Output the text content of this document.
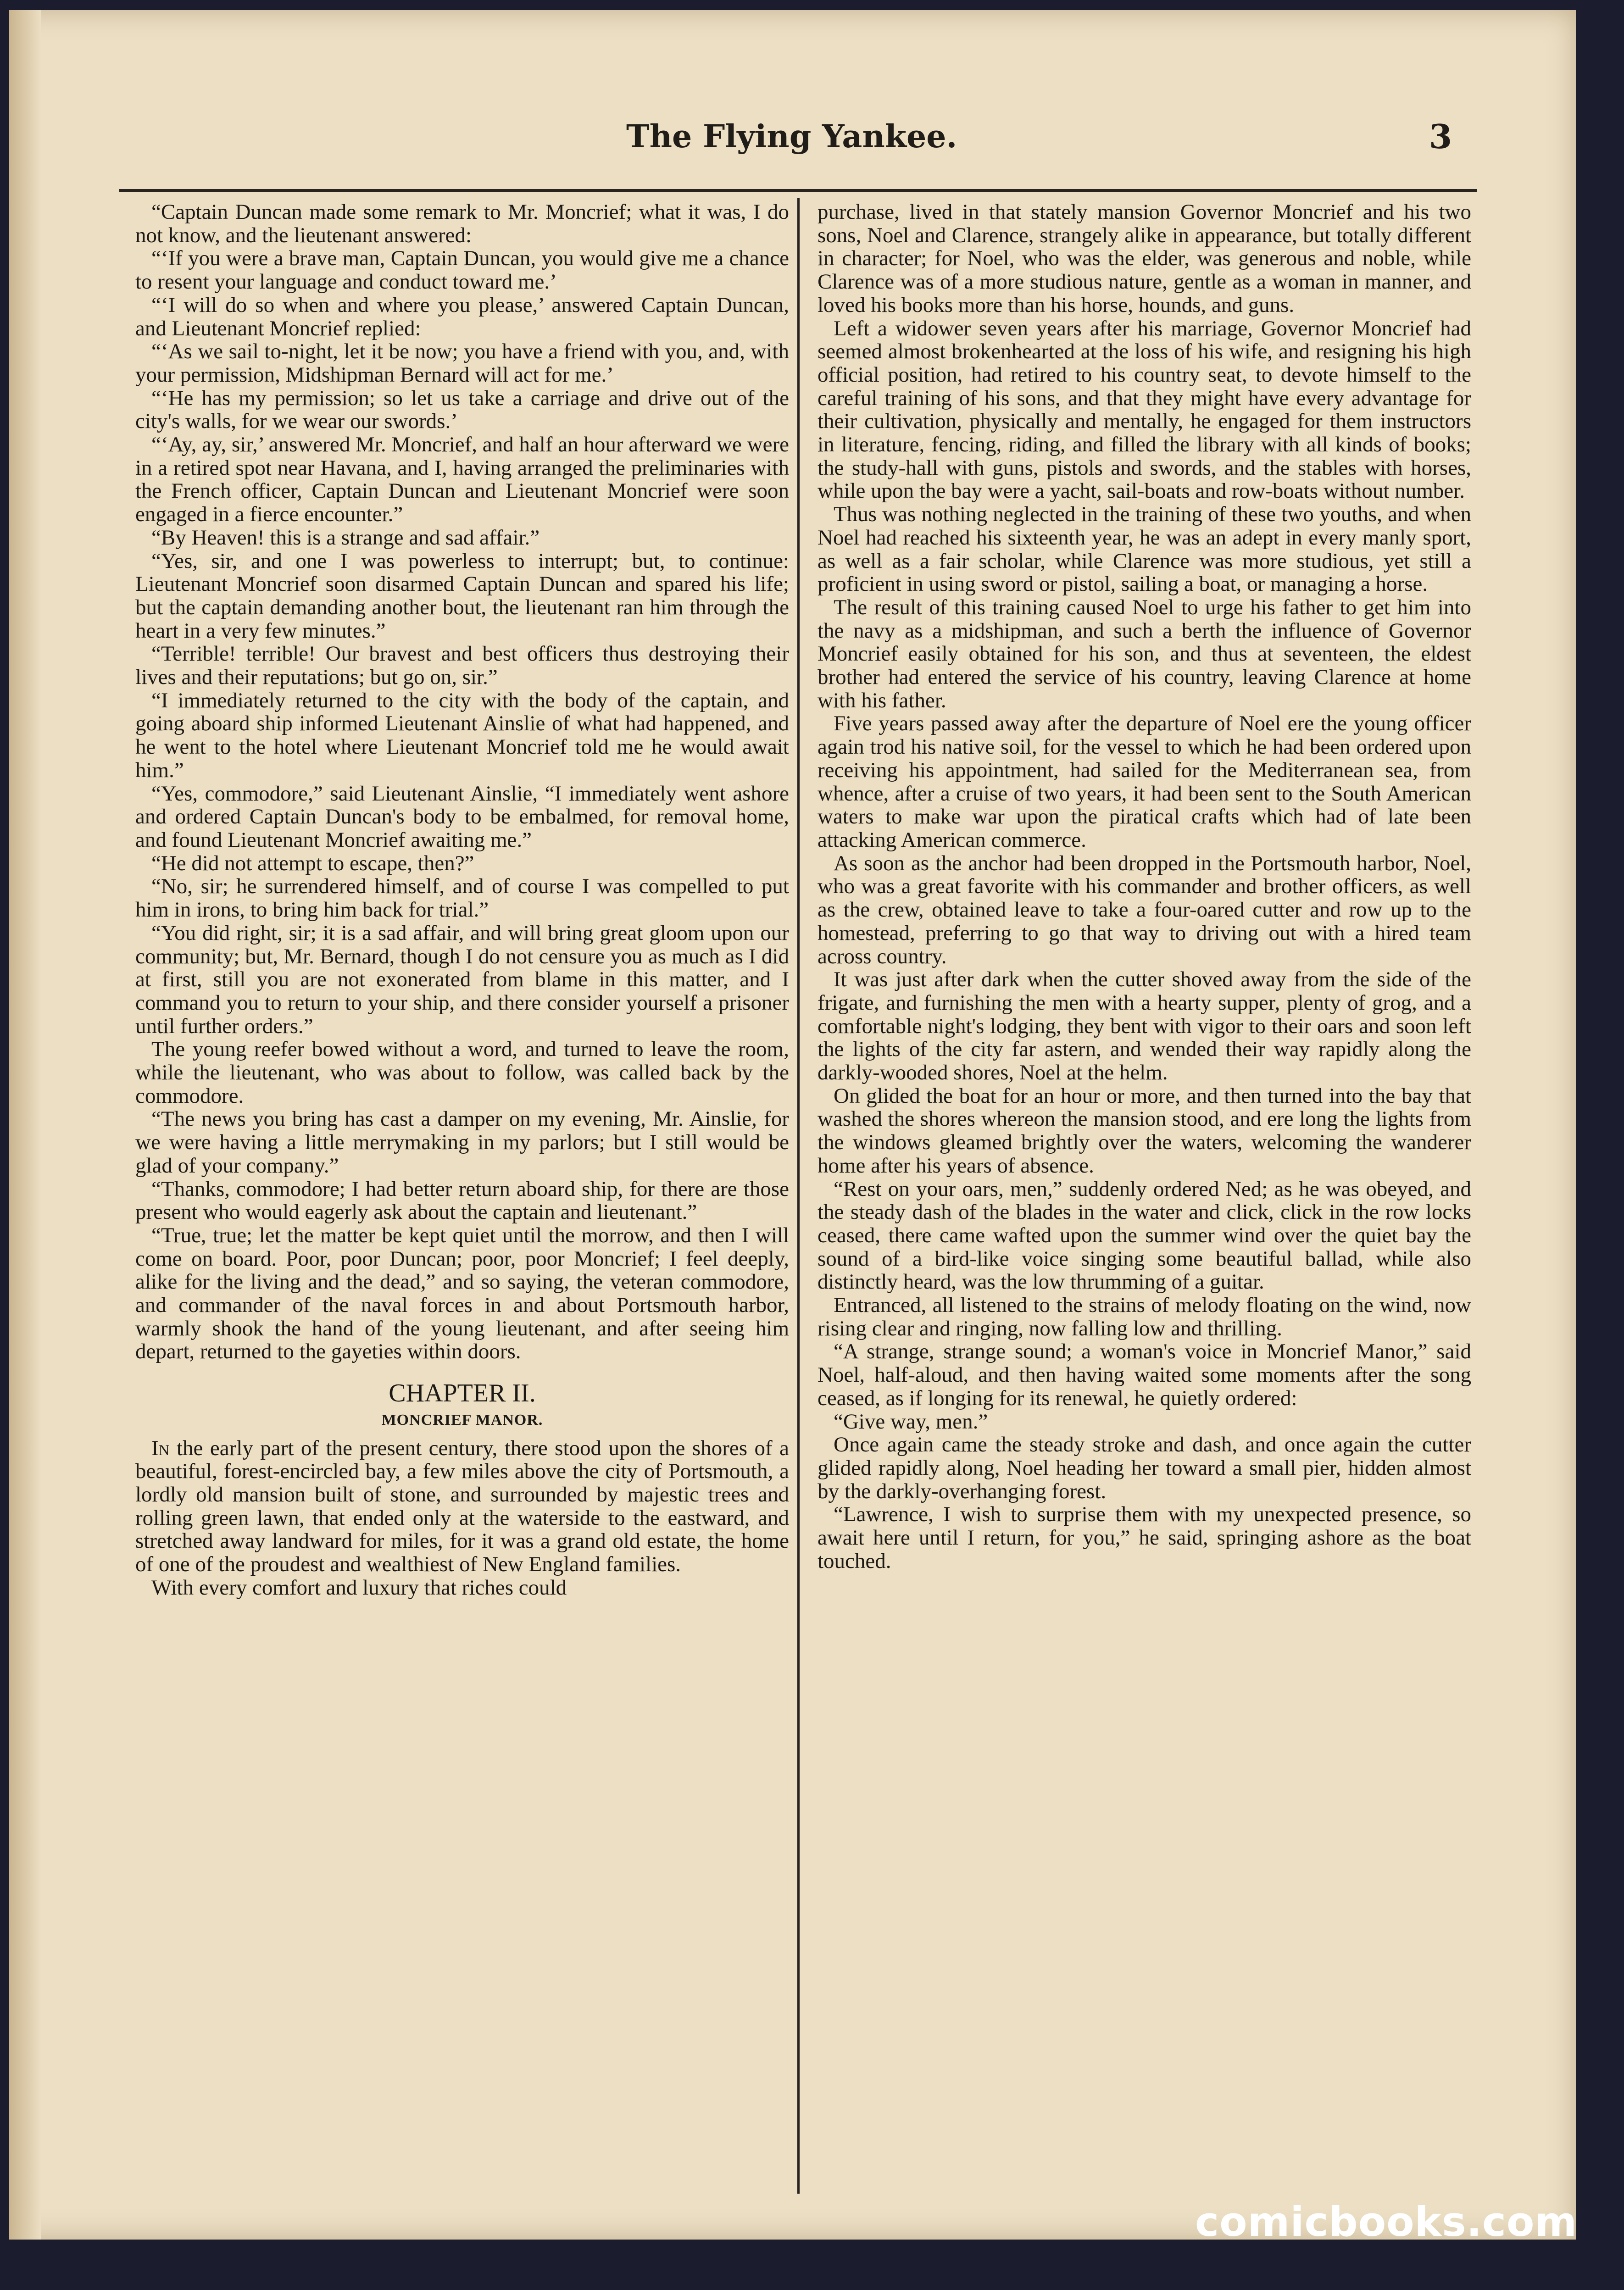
The Flying Yankee.	3

“Captain Duncan made some remark to Mr. Moncrief; what it was, I do not know, and the lieutenant answered:

“‘If you were a brave man, Captain Duncan, you would give me a chance to resent your language and conduct toward me.’

“‘I will do so when and where you please,’ answered Captain Duncan, and Lieutenant Moncrief replied:

“‘As we sail to-night, let it be now; you have a friend with you, and, with your permission, Midshipman Bernard will act for me.’

“‘He has my permission; so let us take a carriage and drive out of the city's walls, for we wear our swords.’

“‘Ay, ay, sir,’ answered Mr. Moncrief, and half an hour afterward we were in a retired spot near Havana, and I, having arranged the preliminaries with the French officer, Captain Duncan and Lieutenant Moncrief were soon engaged in a fierce encounter.”

“By Heaven! this is a strange and sad affair.”

“Yes, sir, and one I was powerless to interrupt; but, to continue: Lieutenant Moncrief soon disarmed Captain Duncan and spared his life; but the captain demanding another bout, the lieutenant ran him through the heart in a very few minutes.”

“Terrible! terrible! Our bravest and best officers thus destroying their lives and their reputations; but go on, sir.”

“I immediately returned to the city with the body of the captain, and going aboard ship informed Lieutenant Ainslie of what had happened, and he went to the hotel where Lieutenant Moncrief told me he would await him.”

“Yes, commodore,” said Lieutenant Ainslie, “I immediately went ashore and ordered Captain Duncan's body to be embalmed, for removal home, and found Lieutenant Moncrief awaiting me.”

“He did not attempt to escape, then?”

“No, sir; he surrendered himself, and of course I was compelled to put him in irons, to bring him back for trial.”

“You did right, sir; it is a sad affair, and will bring great gloom upon our community; but, Mr. Bernard, though I do not censure you as much as I did at first, still you are not exonerated from blame in this matter, and I command you to return to your ship, and there consider yourself a prisoner until further orders.”

The young reefer bowed without a word, and turned to leave the room, while the lieutenant, who was about to follow, was called back by the commodore.

“The news you bring has cast a damper on my evening, Mr. Ainslie, for we were having a little merrymaking in my parlors; but I still would be glad of your company.”

“Thanks, commodore; I had better return aboard ship, for there are those present who would eagerly ask about the captain and lieutenant.”

“True, true; let the matter be kept quiet until the morrow, and then I will come on board. Poor, poor Duncan; poor, poor Moncrief; I feel deeply, alike for the living and the dead,” and so saying, the veteran commodore, and commander of the naval forces in and about Portsmouth harbor, warmly shook the hand of the young lieutenant, and after seeing him depart, returned to the gayeties within doors.

CHAPTER II.
MONCRIEF MANOR.

In the early part of the present century, there stood upon the shores of a beautiful, forest-encircled bay, a few miles above the city of Portsmouth, a lordly old mansion built of stone, and surrounded by majestic trees and rolling green lawn, that ended only at the waterside to the eastward, and stretched away landward for miles, for it was a grand old estate, the home of one of the proudest and wealthiest of New England families.

With every comfort and luxury that riches could

purchase, lived in that stately mansion Governor Moncrief and his two sons, Noel and Clarence, strangely alike in appearance, but totally different in character; for Noel, who was the elder, was generous and noble, while Clarence was of a more studious nature, gentle as a woman in manner, and loved his books more than his horse, hounds, and guns.

Left a widower seven years after his marriage, Governor Moncrief had seemed almost brokenhearted at the loss of his wife, and resigning his high official position, had retired to his country seat, to devote himself to the careful training of his sons, and that they might have every advantage for their cultivation, physically and mentally, he engaged for them instructors in literature, fencing, riding, and filled the library with all kinds of books; the study-hall with guns, pistols and swords, and the stables with horses, while upon the bay were a yacht, sail-boats and row-boats without number.

Thus was nothing neglected in the training of these two youths, and when Noel had reached his sixteenth year, he was an adept in every manly sport, as well as a fair scholar, while Clarence was more studious, yet still a proficient in using sword or pistol, sailing a boat, or managing a horse.

The result of this training caused Noel to urge his father to get him into the navy as a midshipman, and such a berth the influence of Governor Moncrief easily obtained for his son, and thus at seventeen, the eldest brother had entered the service of his country, leaving Clarence at home with his father.

Five years passed away after the departure of Noel ere the young officer again trod his native soil, for the vessel to which he had been ordered upon receiving his appointment, had sailed for the Mediterranean sea, from whence, after a cruise of two years, it had been sent to the South American waters to make war upon the piratical crafts which had of late been attacking American commerce.

As soon as the anchor had been dropped in the Portsmouth harbor, Noel, who was a great favorite with his commander and brother officers, as well as the crew, obtained leave to take a four-oared cutter and row up to the homestead, preferring to go that way to driving out with a hired team across country.

It was just after dark when the cutter shoved away from the side of the frigate, and furnishing the men with a hearty supper, plenty of grog, and a comfortable night's lodging, they bent with vigor to their oars and soon left the lights of the city far astern, and wended their way rapidly along the darkly-wooded shores, Noel at the helm.

On glided the boat for an hour or more, and then turned into the bay that washed the shores whereon the mansion stood, and ere long the lights from the windows gleamed brightly over the waters, welcoming the wanderer home after his years of absence.

“Rest on your oars, men,” suddenly ordered Ned; as he was obeyed, and the steady dash of the blades in the water and click, click in the row locks ceased, there came wafted upon the summer wind over the quiet bay the sound of a bird-like voice singing some beautiful ballad, while also distinctly heard, was the low thrumming of a guitar.

Entranced, all listened to the strains of melody floating on the wind, now rising clear and ringing, now falling low and thrilling.

“A strange, strange sound; a woman's voice in Moncrief Manor,” said Noel, half-aloud, and then having waited some moments after the song ceased, as if longing for its renewal, he quietly ordered:

“Give way, men.”

Once again came the steady stroke and dash, and once again the cutter glided rapidly along, Noel heading her toward a small pier, hidden almost by the darkly-overhanging forest.

“Lawrence, I wish to surprise them with my unexpected presence, so await here until I return, for you,” he said, springing ashore as the boat touched.

comicbooks.com
